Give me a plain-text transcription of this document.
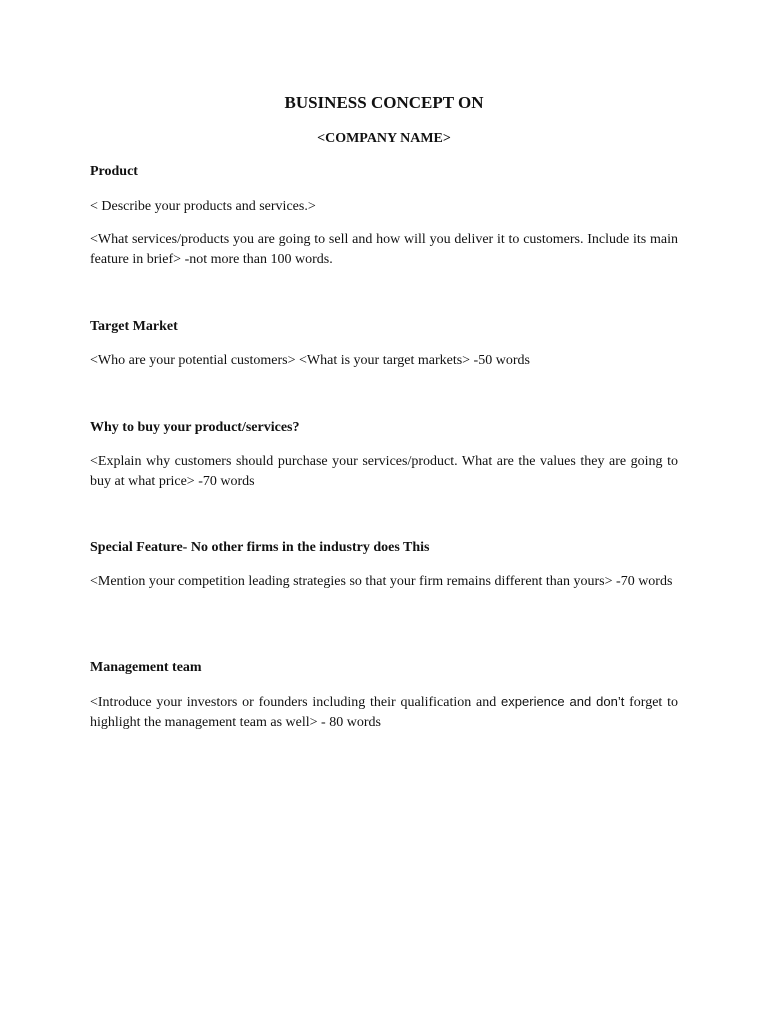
BUSINESS CONCEPT ON
<COMPANY NAME>

Product

< Describe your products and services.>

<What services/products you are going to sell and how will you deliver it to customers. Include its main feature in brief> -not more than 100 words.

Target Market

<Who are your potential customers> <What is your target markets> -50 words

Why to buy your product/services?

<Explain why customers should purchase your services/product. What are the values they are going to buy at what price> -70 words

Special Feature- No other firms in the industry does This

<Mention your competition leading strategies so that your firm remains different than yours> -70 words

Management team

<Introduce your investors or founders including their qualification and experience and don’t forget to highlight the management team as well> - 80 words
